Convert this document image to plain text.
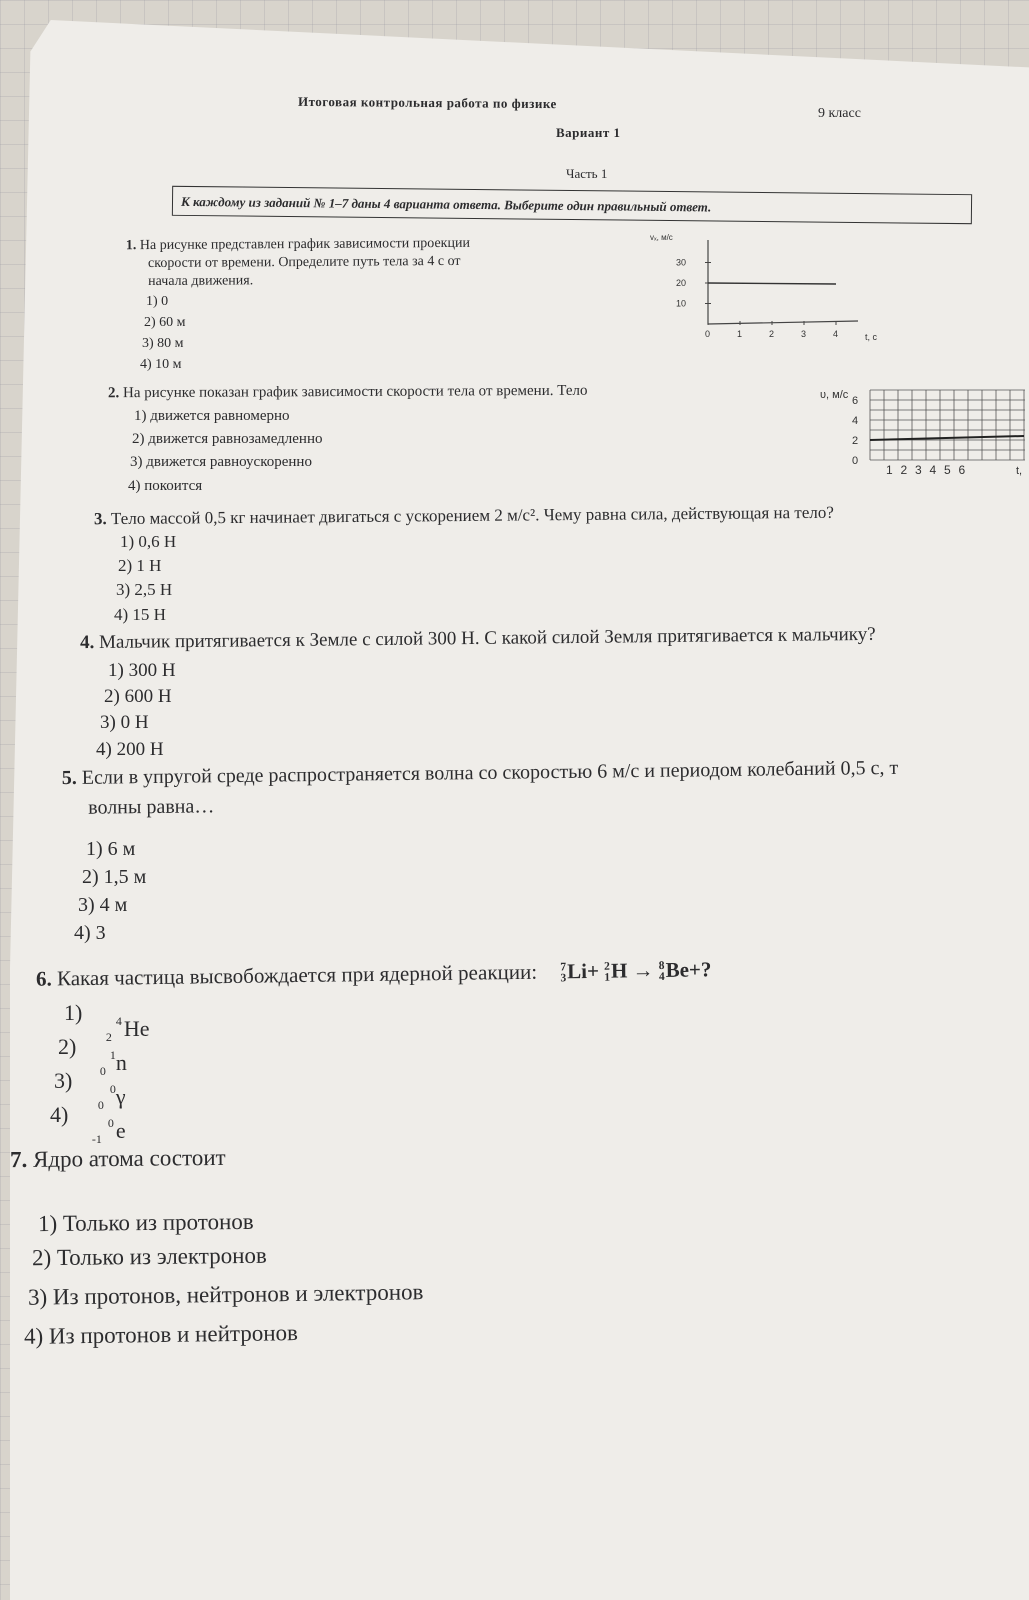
Итоговая контрольная работа по физике
9 класс
Вариант 1
Часть 1
К каждому из заданий № 1–7 даны 4 варианта ответа. Выберите один правильный ответ.
1. На рисунке представлен график зависимости проекции
скорости от времени. Определите путь тела за 4 с от
начала движения.
1) 0
2) 60 м
3) 80 м
4) 10 м
t, c
vₓ, м/с
0	1	2	3	4
10
20
30
2. На рисунке показан график зависимости скорости тела от времени. Тело
1) движется равномерно
2) движется равнозамедленно
3) движется равноускоренно
4) покоится
υ, м/с
0
2
4
6
1 2 3 4 5 6	t,
3. Тело массой 0,5 кг начинает двигаться с ускорением 2 м/с². Чему равна сила, действующая на тело?
1) 0,6 Н
2) 1 Н
3) 2,5 Н
4) 15 Н
4. Мальчик притягивается к Земле с силой 300 Н. С какой силой Земля притягивается к мальчику?
1) 300 Н
2) 600 Н
3) 0 Н
4) 200 Н
5. Если в упругой среде распространяется волна со скоростью 6 м/с и периодом колебаний 0,5 с, т
волны равна…
1) 6 м
2) 1,5 м
3) 4 м
4) 3
6. Какая частица высвобождается при ядерной реакции: 7
3 Li+ 2
1 H → 8
4 Be+?
1)	4
2 He
2)	1
0 n
3)	0
0 γ
4)	0
-1 e
7. Ядро атома состоит
1) Только из протонов
2) Только из электронов
3) Из протонов, нейтронов и электронов
4) Из протонов и нейтронов
